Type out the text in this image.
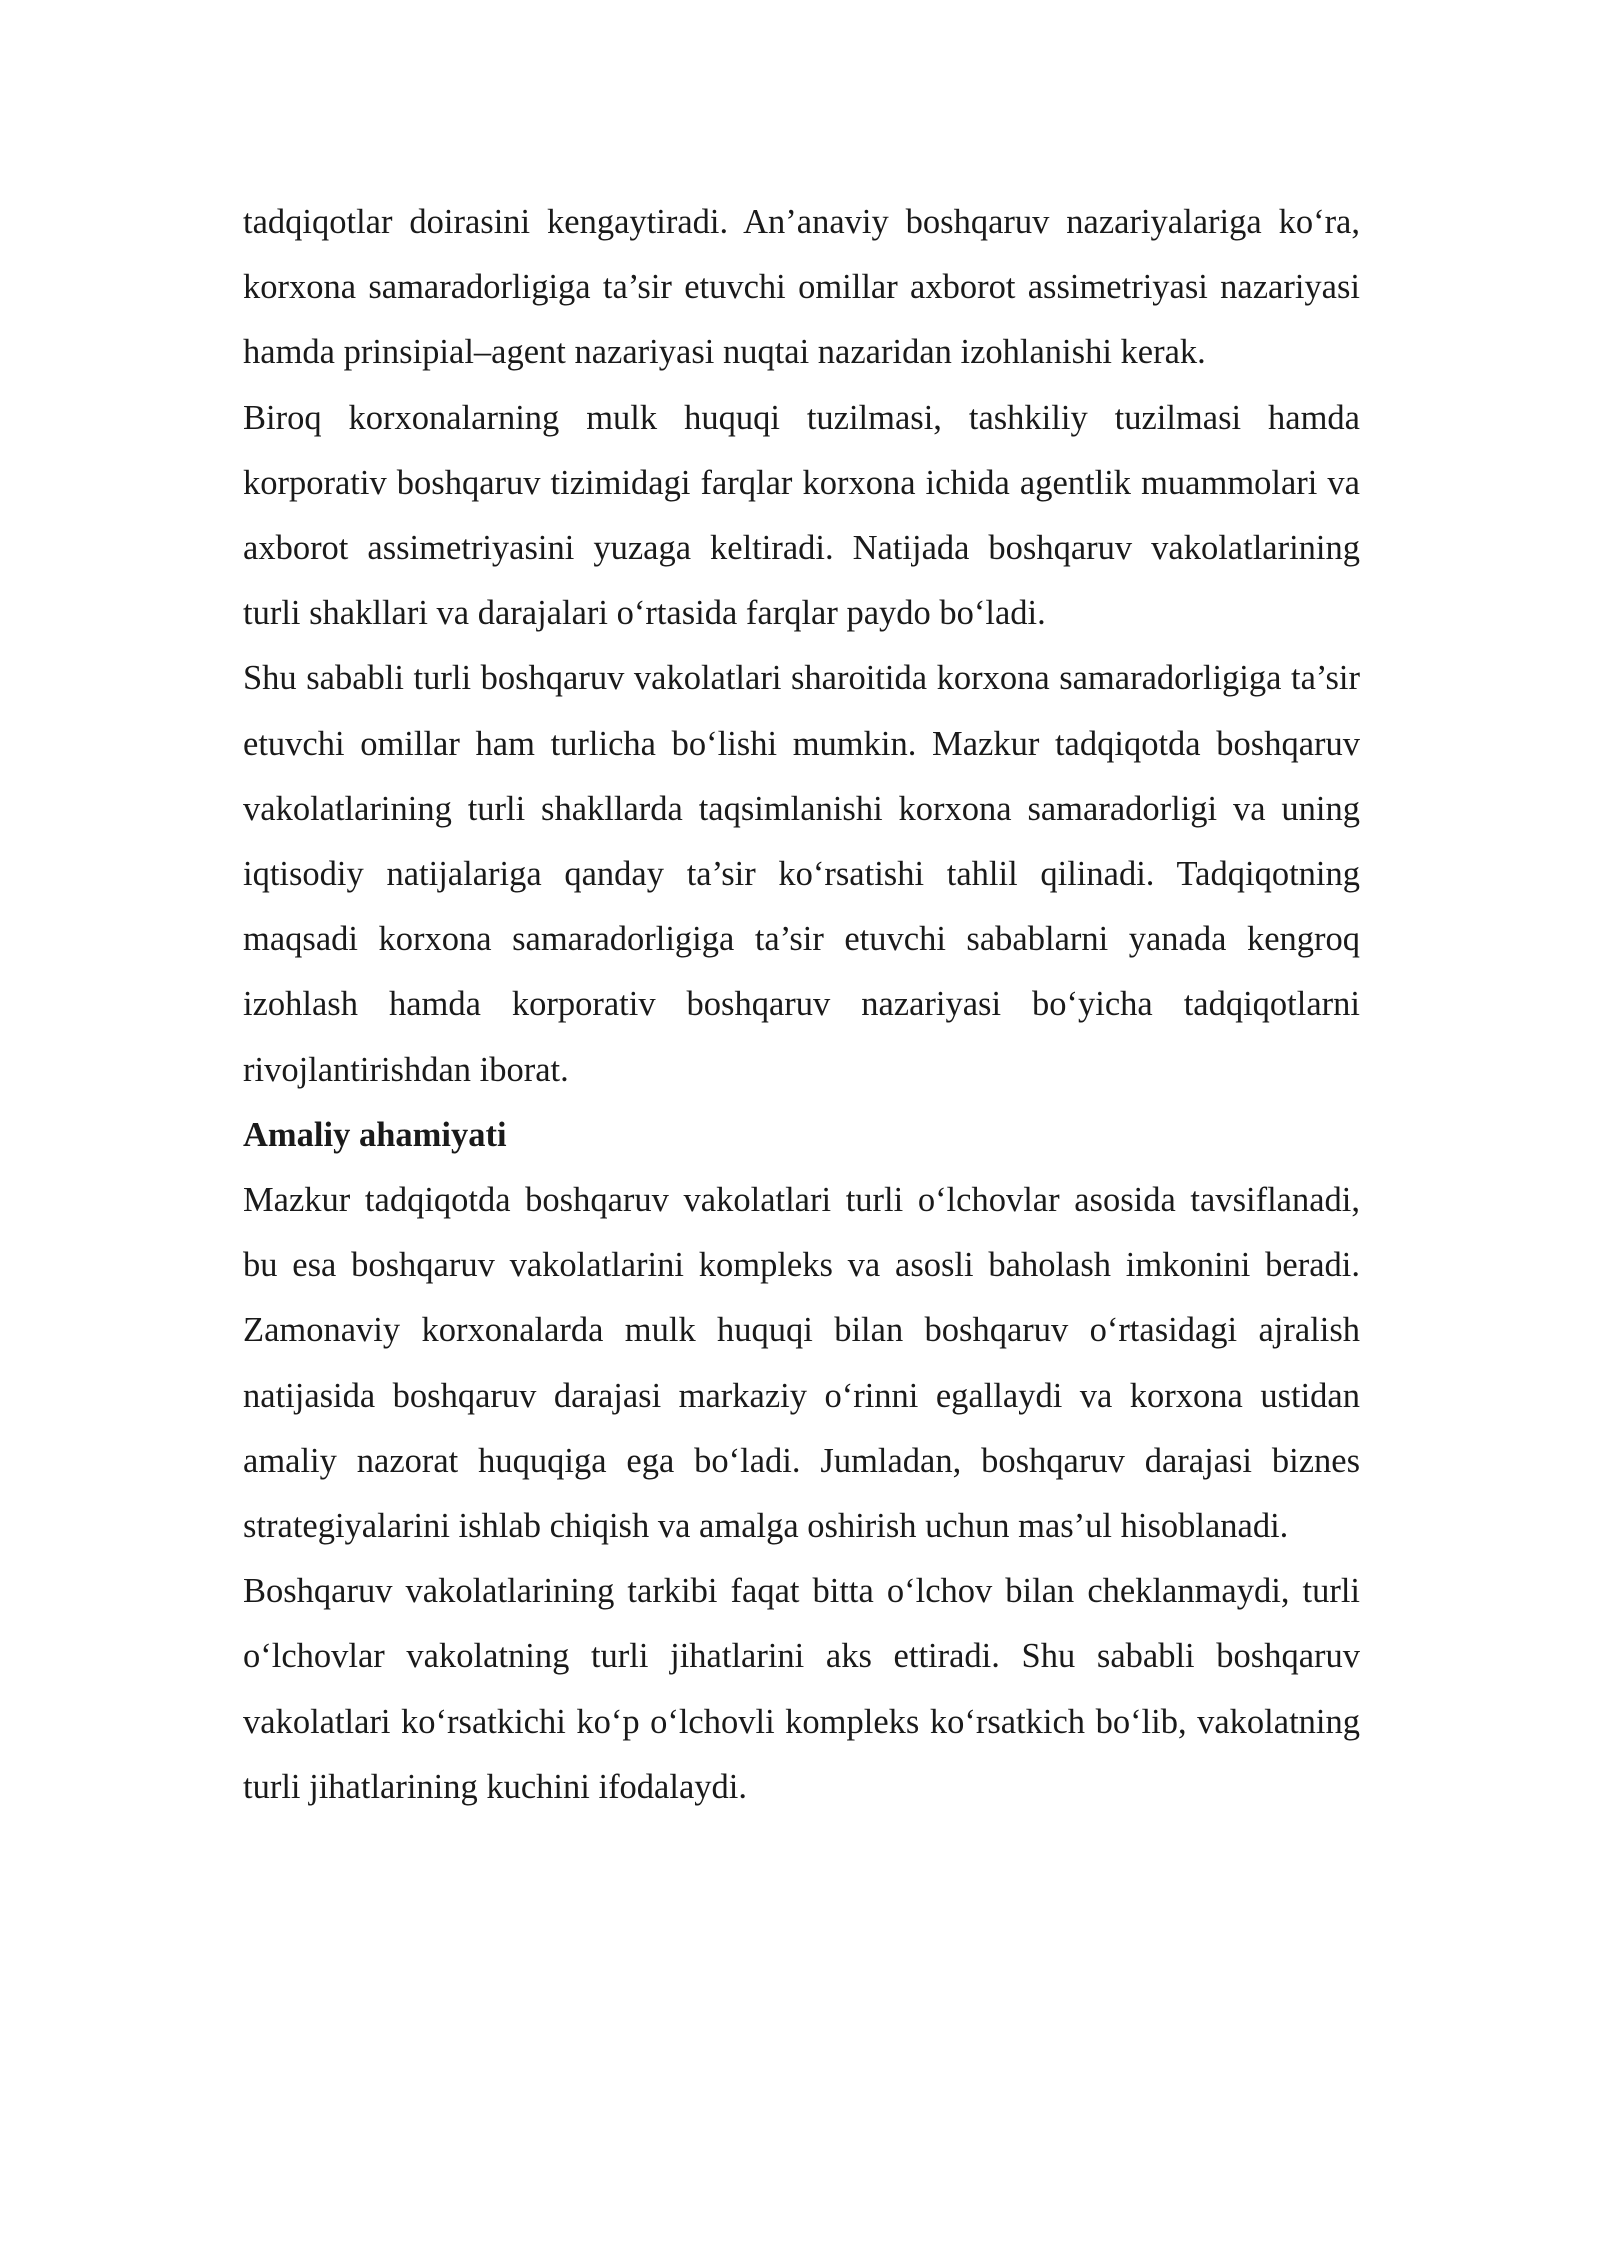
tadqiqotlar doirasini kengaytiradi. An’anaviy boshqaruv nazariyalariga ko‘ra, korxona samaradorligiga ta’sir etuvchi omillar axborot assimetriyasi nazariyasi hamda prinsipial–agent nazariyasi nuqtai nazaridan izohlanishi kerak.

Biroq korxonalarning mulk huquqi tuzilmasi, tashkiliy tuzilmasi hamda korporativ boshqaruv tizimidagi farqlar korxona ichida agentlik muammolari va axborot assimetriyasini yuzaga keltiradi. Natijada boshqaruv vakolatlarining turli shakllari va darajalari o‘rtasida farqlar paydo bo‘ladi.

Shu sababli turli boshqaruv vakolatlari sharoitida korxona samaradorligiga ta’sir etuvchi omillar ham turlicha bo‘lishi mumkin. Mazkur tadqiqotda boshqaruv vakolatlarining turli shakllarda taqsimlanishi korxona samaradorligi va uning iqtisodiy natijalariga qanday ta’sir ko‘rsatishi tahlil qilinadi. Tadqiqotning maqsadi korxona samaradorligiga ta’sir etuvchi sabablarni yanada kengroq izohlash hamda korporativ boshqaruv nazariyasi bo‘yicha tadqiqotlarni rivojlantirishdan iborat.

Amaliy ahamiyati

Mazkur tadqiqotda boshqaruv vakolatlari turli o‘lchovlar asosida tavsiflanadi, bu esa boshqaruv vakolatlarini kompleks va asosli baholash imkonini beradi. Zamonaviy korxonalarda mulk huquqi bilan boshqaruv o‘rtasidagi ajralish natijasida boshqaruv darajasi markaziy o‘rinni egallaydi va korxona ustidan amaliy nazorat huquqiga ega bo‘ladi. Jumladan, boshqaruv darajasi biznes strategiyalarini ishlab chiqish va amalga oshirish uchun mas’ul hisoblanadi.

Boshqaruv vakolatlarining tarkibi faqat bitta o‘lchov bilan cheklanmaydi, turli o‘lchovlar vakolatning turli jihatlarini aks ettiradi. Shu sababli boshqaruv vakolatlari ko‘rsatkichi ko‘p o‘lchovli kompleks ko‘rsatkich bo‘lib, vakolatning turli jihatlarining kuchini ifodalaydi.
